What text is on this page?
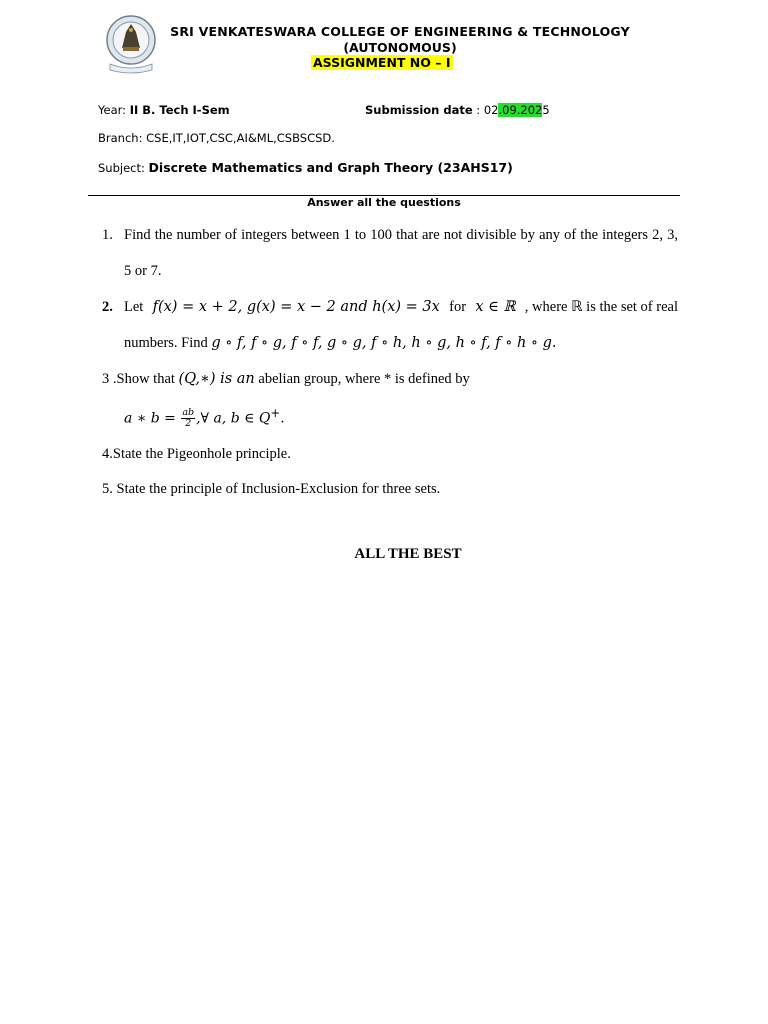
SRI VENKATESWARA COLLEGE OF ENGINEERING & TECHNOLOGY
(AUTONOMOUS)
ASSIGNMENT NO – I
Year: II B. Tech I-Sem	Submission date : 02.09.2025
Branch: CSE,IT,IOT,CSC,AI&ML,CSBSCSD.
Subject: Discrete Mathematics and Graph Theory (23AHS17)
Answer all the questions
1. Find the number of integers between 1 to 100 that are not divisible by any of the integers 2, 3, 5 or 7.
2. Let f(x) = x + 2, g(x) = x − 2 and h(x) = 3x for x ∈ ℝ , where ℝ is the set of real
numbers. Find g ∘ f, f ∘ g, f ∘ f, g ∘ g, f ∘ h, h ∘ g, h ∘ f, f ∘ h ∘ g.
3 .Show that (Q,∗) is an abelian group, where * is defined by
a ∗ $b = \frac{ab}{2}$ ,∀ a, b ∈ Q+.
4.State the Pigeonhole principle.
5. State the principle of Inclusion-Exclusion for three sets.
ALL THE BEST
